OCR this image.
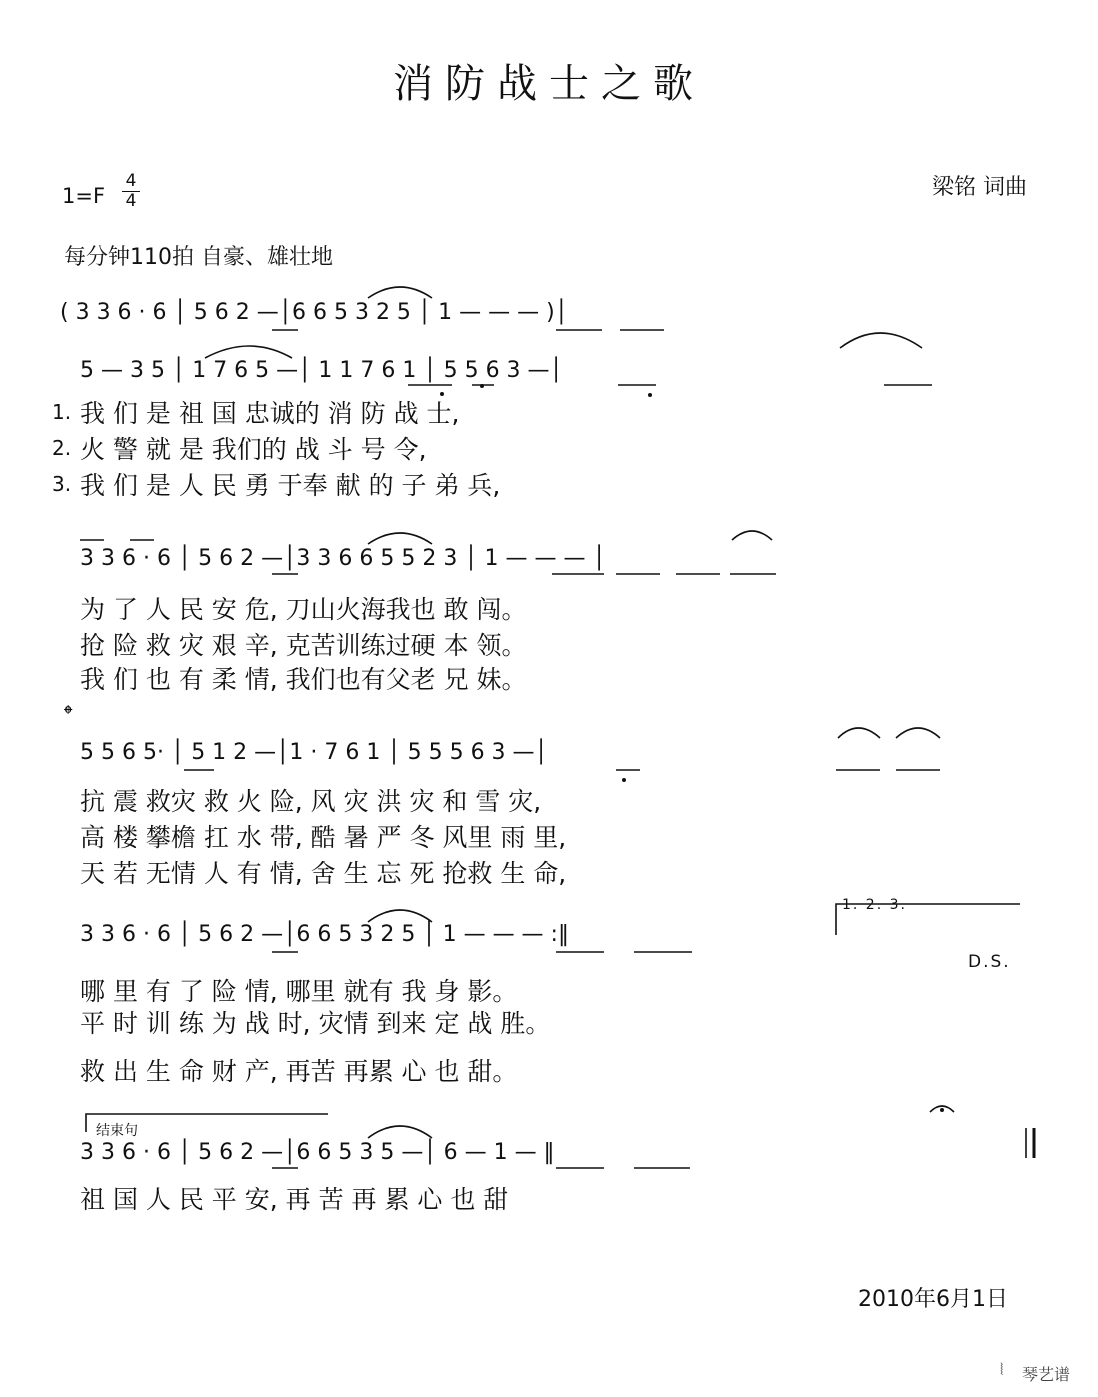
消防战士之歌
$1=F \frac{4}{4}$	梁铭 词曲
每分钟110拍 自豪、雄壮地
( 3 3 6 · 6 │ 5 6 2 —│6 6 5 3 2 5 │ 1 — — — )│
5 — 3 5 │ 1 7 6 5 —│ 1 1 7 6 1 │ 5 5 6 3 —│
1.
2.
3.
我 们 是 祖 国 忠诚的 消 防 战 士,
火 警 就 是 我们的 战 斗 号 令,
我 们 是 人 民 勇 于奉 献 的 子 弟 兵,
3 3 6 · 6 │ 5 6 2 —│3 3 6 6 5 5 2 3 │ 1 — — — │
为 了 人 民 安 危, 刀山火海我也 敢 闯。
抢 险 救 灾 艰 辛, 克苦训练过硬 本 领。
我 们 也 有 柔 情, 我们也有父老 兄 妹。
𝄌
5 5 6 5· │ 5 1 2 —│1 · 7 6 1 │ 5 5 5 6 3 —│
抗 震 救灾 救 火 险, 风 灾 洪 灾 和 雪 灾,
高 楼 攀檐 扛 水 带, 酷 暑 严 冬 风里 雨 里,
天 若 无情 人 有 情, 舍 生 忘 死 抢救 生 命,
1. 2. 3.
3 3 6 · 6 │ 5 6 2 —│6 6 5 3 2 5 │ 1 — — — :‖
D.S.
哪 里 有 了 险 情, 哪里 就有 我 身 影。
平 时 训 练 为 战 时, 灾情 到来 定 战 胜。
救 出 生 命 财 产, 再苦 再累 心 也 甜。
结束句
3 3 6 · 6 │ 5 6 2 —│6 6 5 3 5 —│ 6 — 1 — ‖
祖 国 人 民 平 安, 再 苦 再 累 心 也 甜
2010年6月1日
⦚ 琴艺谱
